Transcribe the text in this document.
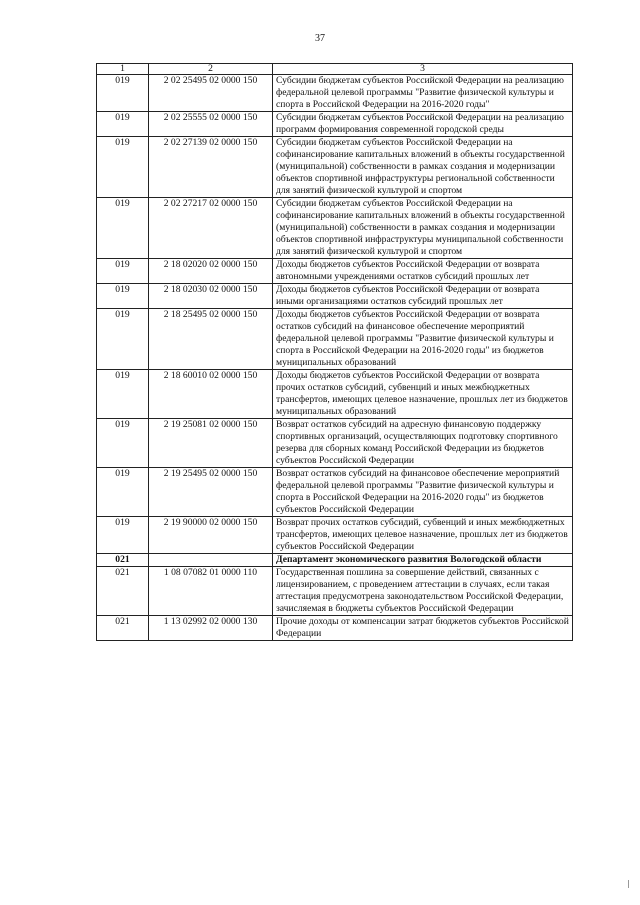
37
1	2	3
019	2 02 25495 02 0000 150	Субсидии бюджетам субъектов Российской Федерации на реализацию федеральной целевой программы "Развитие физической культуры и спорта в Российской Федерации на 2016-2020 годы"
019	2 02 25555 02 0000 150	Субсидии бюджетам субъектов Российской Федерации на реализацию программ формирования современной городской среды
019	2 02 27139 02 0000 150	Субсидии бюджетам субъектов Российской Федерации на софинансирование капитальных вложений в объекты государственной (муниципальной) собственности в рамках создания и модернизации объектов спортивной инфраструктуры региональной собственности для занятий физической культурой и спортом
019	2 02 27217 02 0000 150	Субсидии бюджетам субъектов Российской Федерации на софинансирование капитальных вложений в объекты государственной (муниципальной) собственности в рамках создания и модернизации объектов спортивной инфраструктуры муниципальной собственности для занятий физической культурой и спортом
019	2 18 02020 02 0000 150	Доходы бюджетов субъектов Российской Федерации от возврата автономными учреждениями остатков субсидий прошлых лет
019	2 18 02030 02 0000 150	Доходы бюджетов субъектов Российской Федерации от возврата иными организациями остатков субсидий прошлых лет
019	2 18 25495 02 0000 150	Доходы бюджетов субъектов Российской Федерации от возврата остатков субсидий на финансовое обеспечение мероприятий федеральной целевой программы "Развитие физической культуры и спорта в Российской Федерации на 2016-2020 годы" из бюджетов муниципальных образований
019	2 18 60010 02 0000 150	Доходы бюджетов субъектов Российской Федерации от возврата прочих остатков субсидий, субвенций и иных межбюджетных трансфертов, имеющих целевое назначение, прошлых лет из бюджетов муниципальных образований
019	2 19 25081 02 0000 150	Возврат остатков субсидий на адресную финансовую поддержку спортивных организаций, осуществляющих подготовку спортивного резерва для сборных команд Российской Федерации из бюджетов субъектов Российской Федерации
019	2 19 25495 02 0000 150	Возврат остатков субсидий на финансовое обеспечение мероприятий федеральной целевой программы "Развитие физической культуры и спорта в Российской Федерации на 2016-2020 годы" из бюджетов субъектов Российской Федерации
019	2 19 90000 02 0000 150	Возврат прочих остатков субсидий, субвенций и иных межбюджетных трансфертов, имеющих целевое назначение, прошлых лет из бюджетов субъектов Российской Федерации
021		Департамент экономического развития Вологодской области
021	1 08 07082 01 0000 110	Государственная пошлина за совершение действий, связанных с лицензированием, с проведением аттестации в случаях, если такая аттестация предусмотрена законодательством Российской Федерации, зачисляемая в бюджеты субъектов Российской Федерации
021	1 13 02992 02 0000 130	Прочие доходы от компенсации затрат бюджетов субъектов Российской Федерации
